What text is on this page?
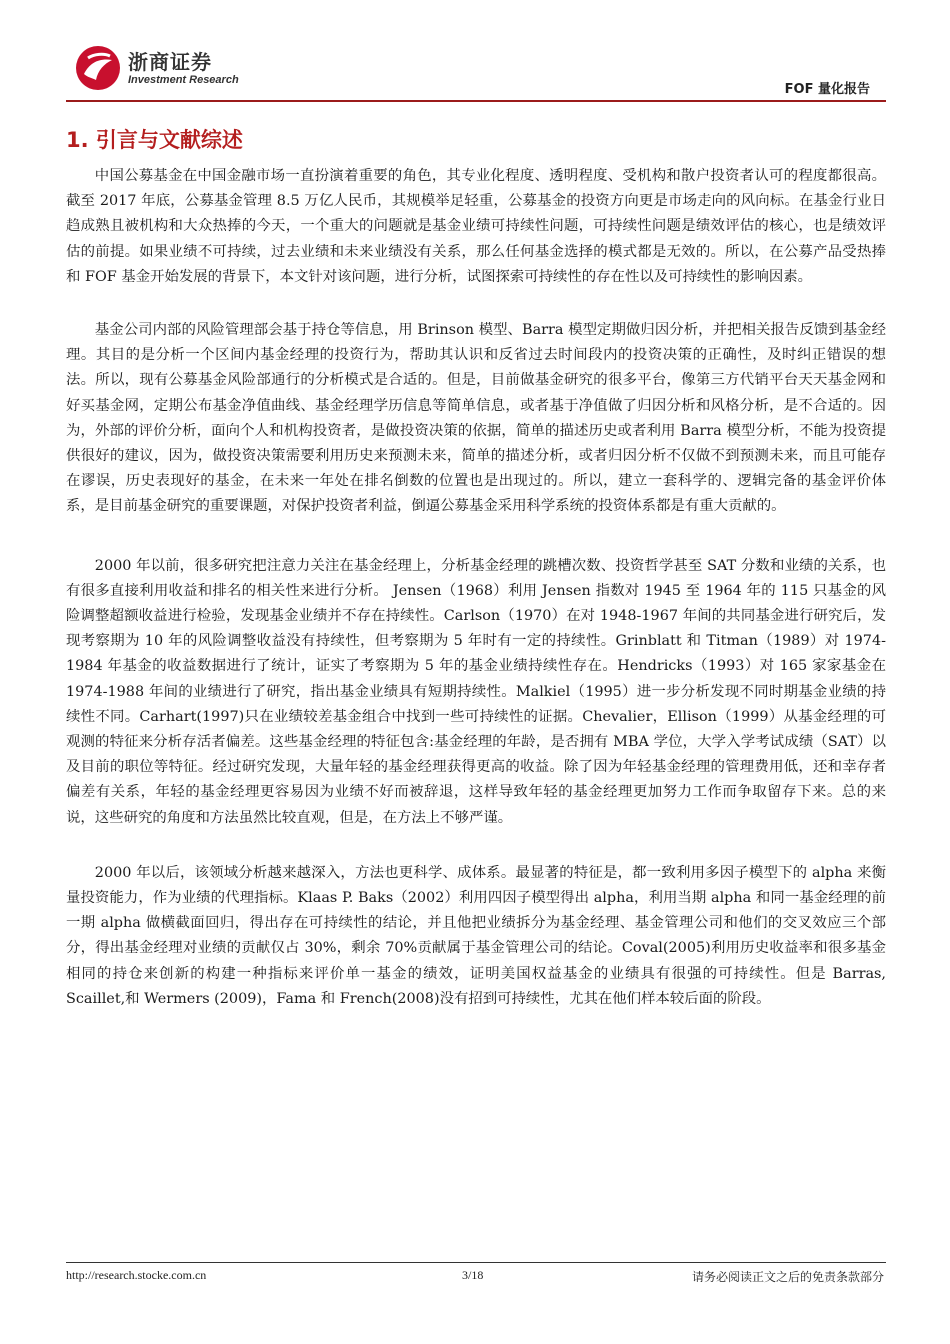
浙商证券
Investment Research
FOF 量化报告
1. 引言与文献综述

中国公募基金在中国金融市场一直扮演着重要的角色，其专业化程度、透明程度、受机构和散户投资者认可的程度都很高。截至 2017 年底，公募基金管理 8.5 万亿人民币，其规模举足轻重，公募基金的投资方向更是市场走向的风向标。在基金行业日趋成熟且被机构和大众热捧的今天，一个重大的问题就是基金业绩可持续性问题，可持续性问题是绩效评估的核心，也是绩效评估的前提。如果业绩不可持续，过去业绩和未来业绩没有关系，那么任何基金选择的模式都是无效的。所以，在公募产品受热捧和 FOF 基金开始发展的背景下，本文针对该问题，进行分析，试图探索可持续性的存在性以及可持续性的影响因素。

基金公司内部的风险管理部会基于持仓等信息，用 Brinson 模型、Barra 模型定期做归因分析，并把相关报告反馈到基金经理。其目的是分析一个区间内基金经理的投资行为，帮助其认识和反省过去时间段内的投资决策的正确性，及时纠正错误的想法。所以，现有公募基金风险部通行的分析模式是合适的。但是，目前做基金研究的很多平台，像第三方代销平台天天基金网和好买基金网，定期公布基金净值曲线、基金经理学历信息等简单信息，或者基于净值做了归因分析和风格分析，是不合适的。因为，外部的评价分析，面向个人和机构投资者，是做投资决策的依据，简单的描述历史或者利用 Barra 模型分析，不能为投资提供很好的建议，因为，做投资决策需要利用历史来预测未来，简单的描述分析，或者归因分析不仅做不到预测未来，而且可能存在谬误，历史表现好的基金，在未来一年处在排名倒数的位置也是出现过的。所以，建立一套科学的、逻辑完备的基金评价体系，是目前基金研究的重要课题，对保护投资者利益，倒逼公募基金采用科学系统的投资体系都是有重大贡献的。

2000 年以前，很多研究把注意力关注在基金经理上，分析基金经理的跳槽次数、投资哲学甚至 SAT 分数和业绩的关系，也有很多直接利用收益和排名的相关性来进行分析。 Jensen（1968）利用 Jensen 指数对 1945 至 1964 年的 115 只基金的风险调整超额收益进行检验，发现基金业绩并不存在持续性。Carlson（1970）在对 1948-1967 年间的共同基金进行研究后，发现考察期为 10 年的风险调整收益没有持续性，但考察期为 5 年时有一定的持续性。Grinblatt 和 Titman（1989）对 1974-1984 年基金的收益数据进行了统计，证实了考察期为 5 年的基金业绩持续性存在。Hendricks（1993）对 165 家家基金在 1974-1988 年间的业绩进行了研究，指出基金业绩具有短期持续性。Malkiel（1995）进一步分析发现不同时期基金业绩的持续性不同。Carhart(1997)只在业绩较差基金组合中找到一些可持续性的证据。Chevalier，Ellison（1999）从基金经理的可观测的特征来分析存活者偏差。这些基金经理的特征包含:基金经理的年龄，是否拥有 MBA 学位，大学入学考试成绩（SAT）以及目前的职位等特征。经过研究发现，大量年轻的基金经理获得更高的收益。除了因为年轻基金经理的管理费用低，还和幸存者偏差有关系，年轻的基金经理更容易因为业绩不好而被辞退，这样导致年轻的基金经理更加努力工作而争取留存下来。总的来说，这些研究的角度和方法虽然比较直观，但是，在方法上不够严谨。

2000 年以后，该领域分析越来越深入，方法也更科学、成体系。最显著的特征是，都一致利用多因子模型下的 alpha 来衡量投资能力，作为业绩的代理指标。Klaas P. Baks（2002）利用四因子模型得出 alpha，利用当期 alpha 和同一基金经理的前一期 alpha 做横截面回归，得出存在可持续性的结论，并且他把业绩拆分为基金经理、基金管理公司和他们的交叉效应三个部分，得出基金经理对业绩的贡献仅占 30%，剩余 70%贡献属于基金管理公司的结论。Coval(2005)利用历史收益率和很多基金相同的持仓来创新的构建一种指标来评价单一基金的绩效，证明美国权益基金的业绩具有很强的可持续性。但是 Barras, Scaillet,和 Wermers (2009)，Fama 和 French(2008)没有招到可持续性，尤其在他们样本较后面的阶段。

http://research.stocke.com.cn	3/18	请务必阅读正文之后的免责条款部分
